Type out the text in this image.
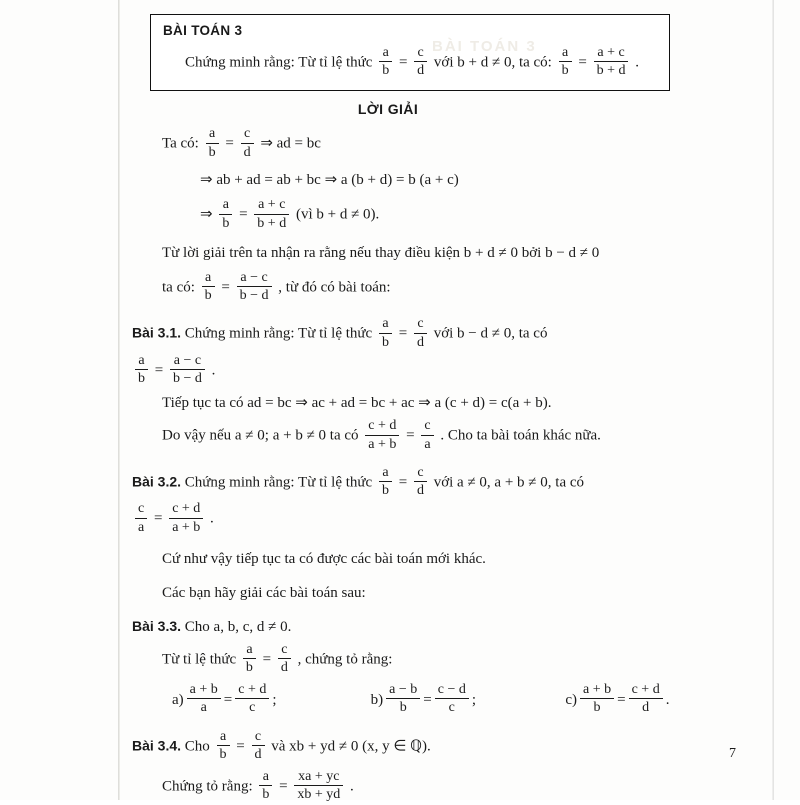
BÀI TOÁN 3
BÀI TOÁN 3
Chứng minh rằng: Từ tỉ lệ thức $\frac{a}{b} = \frac{c}{d}$ với b + d ≠ 0, ta có: $\frac{a}{b} = \frac{a + c}{b + d}$ .
LỜI GIẢI
Ta có: $\frac{a}{b} = \frac{c}{d}$ ⇒ ad = bc
⇒ ab + ad = ab + bc ⇒ a (b + d) = b (a + c)
⇒ $\frac{a}{b} = \frac{a + c}{b + d}$ (vì b + d ≠ 0).
Từ lời giải trên ta nhận ra rằng nếu thay điều kiện b + d ≠ 0 bởi b − d ≠ 0
ta có: $\frac{a}{b} = \frac{a - c}{b - d}$ , từ đó có bài toán:
Bài 3.1. Chứng minh rằng: Từ tỉ lệ thức $\frac{a}{b} = \frac{c}{d}$ với b − d ≠ 0, ta có
$\frac{a}{b} = \frac{a - c}{b - d}$ .
Tiếp tục ta có ad = bc ⇒ ac + ad = bc + ac ⇒ a (c + d) = c(a + b).
Do vậy nếu a ≠ 0; a + b ≠ 0 ta có $\frac{c + d}{a + b} = \frac{c}{a}$ . Cho ta bài toán khác nữa.
Bài 3.2. Chứng minh rằng: Từ tỉ lệ thức $\frac{a}{b} = \frac{c}{d}$ với a ≠ 0, a + b ≠ 0, ta có
$\frac{c}{a} = \frac{c + d}{a + b}$ .
Cứ như vậy tiếp tục ta có được các bài toán mới khác.
Các bạn hãy giải các bài toán sau:
Bài 3.3. Cho a, b, c, d ≠ 0.
Từ tỉ lệ thức $\frac{a}{b} = \frac{c}{d}$ , chứng tỏ rằng:
$a) \frac{a + b}{a} = \frac{c + d}{c}$ ;	$b) \frac{a - b}{b} = \frac{c - d}{c}$ ;	$c) \frac{a + b}{b} = \frac{c + d}{d}$ .
Bài 3.4. Cho $\frac{a}{b} = \frac{c}{d}$ và xb + yd ≠ 0 (x, y ∈ ℚ).
Chứng tỏ rằng: $\frac{a}{b} = \frac{xa + yc}{xb + yd}$ .
7
